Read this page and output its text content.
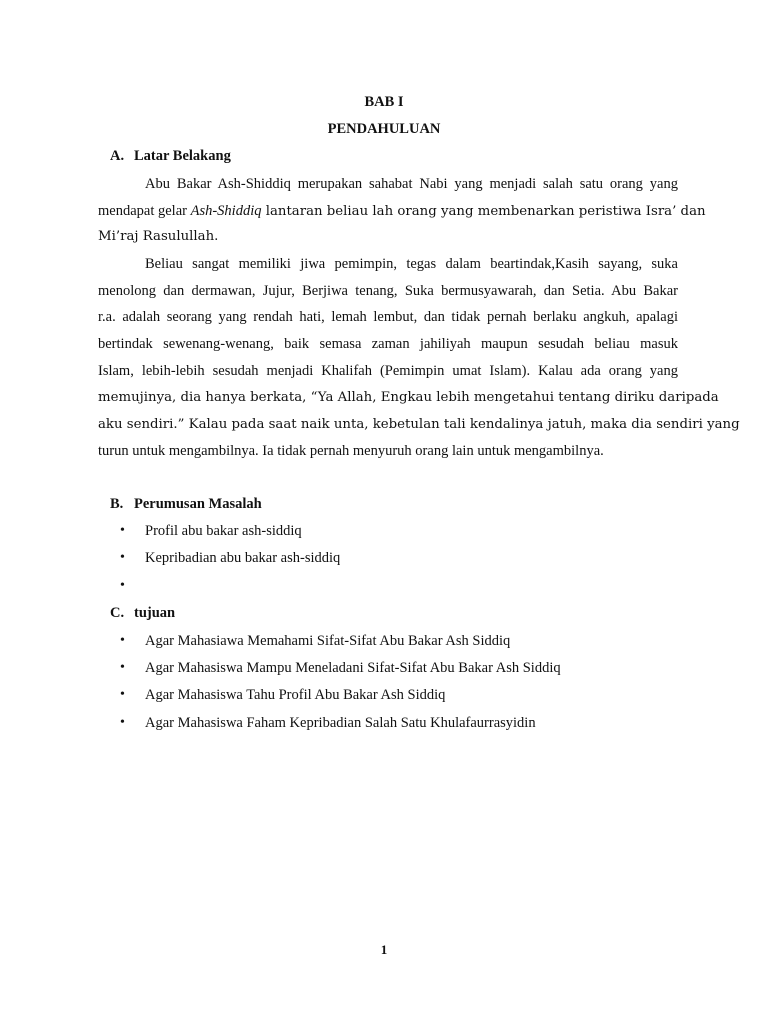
BAB I
PENDAHULUAN
A. Latar Belakang
Abu Bakar Ash-Shiddiq merupakan sahabat Nabi yang menjadi salah satu orang yang
mendapat gelar Ash-Shiddiq lantaran beliau lah orang yang membenarkan peristiwa Isra’ dan
Mi’raj Rasulullah.
Beliau sangat memiliki jiwa pemimpin, tegas dalam beartindak,Kasih sayang, suka
menolong dan dermawan, Jujur, Berjiwa tenang, Suka bermusyawarah, dan Setia. Abu Bakar
r.a. adalah seorang yang rendah hati, lemah lembut, dan tidak pernah berlaku angkuh, apalagi
bertindak sewenang-wenang, baik semasa zaman jahiliyah maupun sesudah beliau masuk
Islam, lebih-lebih sesudah menjadi Khalifah (Pemimpin umat Islam). Kalau ada orang yang
memujinya, dia hanya berkata, “Ya Allah, Engkau lebih mengetahui tentang diriku daripada
aku sendiri.” Kalau pada saat naik unta, kebetulan tali kendalinya jatuh, maka dia sendiri yang
turun untuk mengambilnya. Ia tidak pernah menyuruh orang lain untuk mengambilnya.
B. Perumusan Masalah
•
Profil abu bakar ash-siddiq
•
Kepribadian abu bakar ash-siddiq
•
C. tujuan
•
Agar Mahasiawa Memahami Sifat-Sifat Abu Bakar Ash Siddiq
•
Agar Mahasiswa Mampu Meneladani Sifat-Sifat Abu Bakar Ash Siddiq
•
Agar Mahasiswa Tahu Profil Abu Bakar Ash Siddiq
•
Agar Mahasiswa Faham Kepribadian Salah Satu Khulafaurrasyidin
1
